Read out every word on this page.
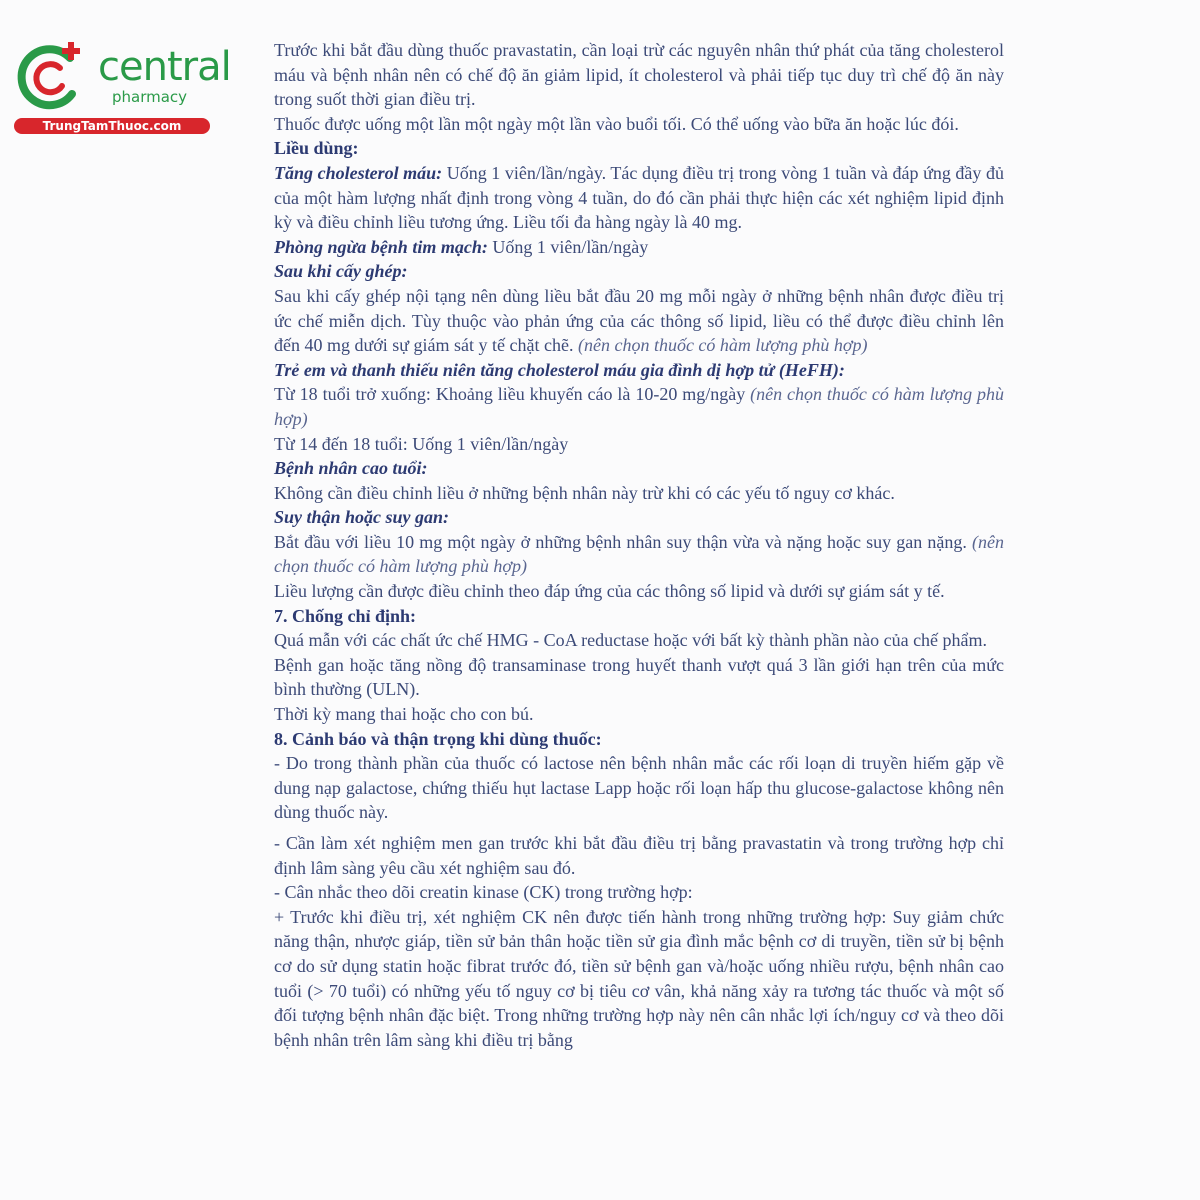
central
pharmacy
TrungTamThuoc.com

Trước khi bắt đầu dùng thuốc pravastatin, cần loại trừ các nguyên nhân thứ phát của tăng cholesterol máu và bệnh nhân nên có chế độ ăn giảm lipid, ít cholesterol và phải tiếp tục duy trì chế độ ăn này trong suốt thời gian điều trị.

Thuốc được uống một lần một ngày một lần vào buổi tối. Có thể uống vào bữa ăn hoặc lúc đói.

Liều dùng:

Tăng cholesterol máu: Uống 1 viên/lần/ngày. Tác dụng điều trị trong vòng 1 tuần và đáp ứng đầy đủ của một hàm lượng nhất định trong vòng 4 tuần, do đó cần phải thực hiện các xét nghiệm lipid định kỳ và điều chỉnh liều tương ứng. Liều tối đa hàng ngày là 40 mg.

Phòng ngừa bệnh tim mạch: Uống 1 viên/lần/ngày

Sau khi cấy ghép:

Sau khi cấy ghép nội tạng nên dùng liều bắt đầu 20 mg mỗi ngày ở những bệnh nhân được điều trị ức chế miễn dịch. Tùy thuộc vào phản ứng của các thông số lipid, liều có thể được điều chỉnh lên đến 40 mg dưới sự giám sát y tế chặt chẽ. (nên chọn thuốc có hàm lượng phù hợp)

Trẻ em và thanh thiếu niên tăng cholesterol máu gia đình dị hợp tử (HeFH):

Từ 18 tuổi trở xuống: Khoảng liều khuyến cáo là 10-20 mg/ngày (nên chọn thuốc có hàm lượng phù hợp)

Từ 14 đến 18 tuổi: Uống 1 viên/lần/ngày

Bệnh nhân cao tuổi:

Không cần điều chỉnh liều ở những bệnh nhân này trừ khi có các yếu tố nguy cơ khác.

Suy thận hoặc suy gan:

Bắt đầu với liều 10 mg một ngày ở những bệnh nhân suy thận vừa và nặng hoặc suy gan nặng. (nên chọn thuốc có hàm lượng phù hợp)

Liều lượng cần được điều chỉnh theo đáp ứng của các thông số lipid và dưới sự giám sát y tế.

7. Chống chỉ định:

Quá mẫn với các chất ức chế HMG - CoA reductase hoặc với bất kỳ thành phần nào của chế phẩm.

Bệnh gan hoặc tăng nồng độ transaminase trong huyết thanh vượt quá 3 lần giới hạn trên của mức bình thường (ULN).

Thời kỳ mang thai hoặc cho con bú.

8. Cảnh báo và thận trọng khi dùng thuốc:

- Do trong thành phần của thuốc có lactose nên bệnh nhân mắc các rối loạn di truyền hiếm gặp về dung nạp galactose, chứng thiếu hụt lactase Lapp hoặc rối loạn hấp thu glucose-galactose không nên dùng thuốc này.

- Cần làm xét nghiệm men gan trước khi bắt đầu điều trị bằng pravastatin và trong trường hợp chỉ định lâm sàng yêu cầu xét nghiệm sau đó.

- Cân nhắc theo dõi creatin kinase (CK) trong trường hợp:

+ Trước khi điều trị, xét nghiệm CK nên được tiến hành trong những trường hợp: Suy giảm chức năng thận, nhược giáp, tiền sử bản thân hoặc tiền sử gia đình mắc bệnh cơ di truyền, tiền sử bị bệnh cơ do sử dụng statin hoặc fibrat trước đó, tiền sử bệnh gan và/hoặc uống nhiều rượu, bệnh nhân cao tuổi (> 70 tuổi) có những yếu tố nguy cơ bị tiêu cơ vân, khả năng xảy ra tương tác thuốc và một số đối tượng bệnh nhân đặc biệt. Trong những trường hợp này nên cân nhắc lợi ích/nguy cơ và theo dõi bệnh nhân trên lâm sàng khi điều trị bằng
